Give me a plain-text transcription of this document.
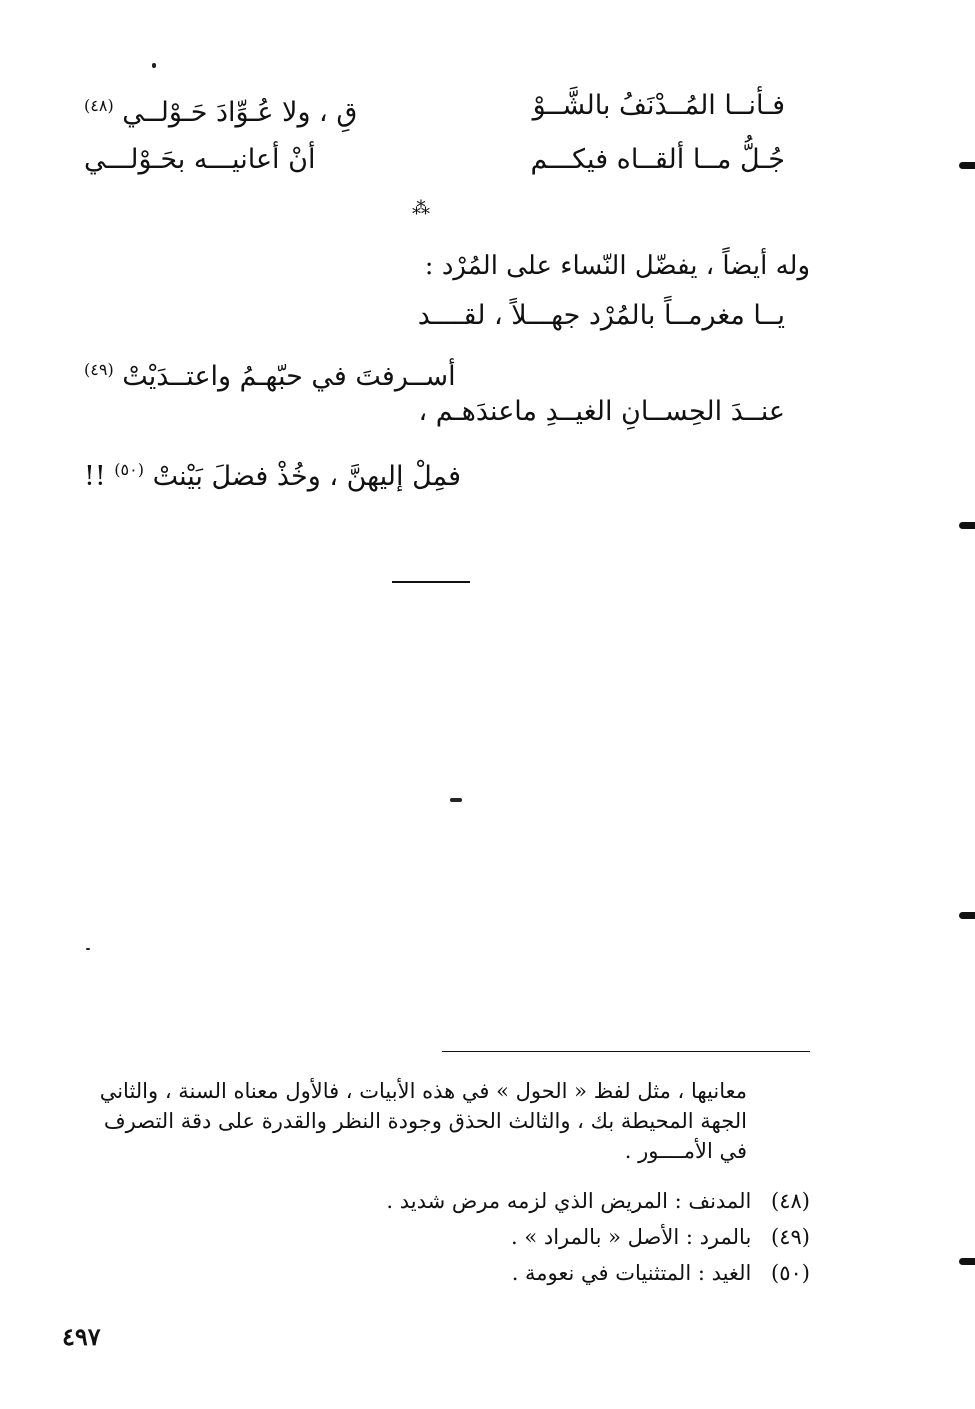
فـأنــا المُــدْنَفُ بالشَّــوْ
قِ ، ولا عُـوِّادَ حَـوْلــي $^{(٤٨)}$
جُـلُّ مــا ألقــاه فيكـــم
أنْ أعانيـــه بحَـوْلـــي
⁂
وله أيضاً ، يفضّل النّساء على المُرْد :
يــا مغرمــاً بالمُرْد جهـــلاً ، لقــــد
أســرفتَ في حبّهـمُ واعتــدَيْتْ $^{(٤٩)}$
عنــدَ الحِســانِ الغيــدِ ماعندَهـم ،
فمِلْ إليهنَّ ، وخُذْ فضلَ بَيْنتْ $^{(٥٠)}$ !!
معانيها ، مثل لفظ « الحول » في هذه الأبيات ، فالأول معناه السنة ، والثاني
الجهة المحيطة بك ، والثالث الحذق وجودة النظر والقدرة على دقة التصرف
في الأمــــور .
(٤٨) المدنف : المريض الذي لزمه مرض شديد .
(٤٩) بالمرد : الأصل « بالمراد » .
(٥٠) الغيد : المتثنيات في نعومة .
٤٩٧
